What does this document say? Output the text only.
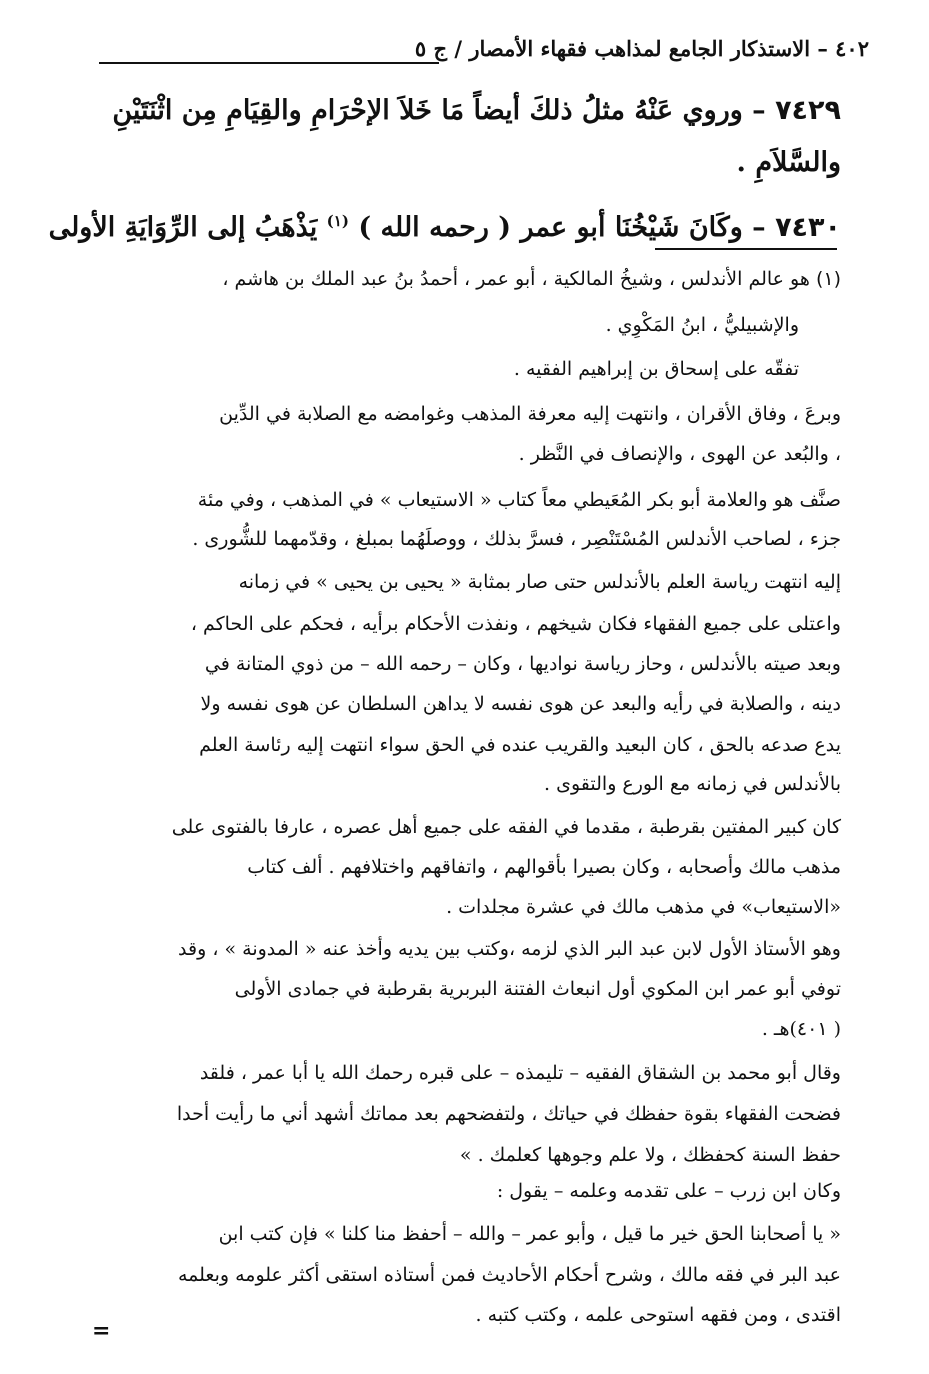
٤٠٢ – الاستذكار الجامع لمذاهب فقهاء الأمصار / ج ٥
٧٤٢٩ – وروي عَنْهُ مثلُ ذلكَ أيضاً مَا خَلاَ الإحْرَامِ والقِيَامِ مِن اثْنَتَيْنِ
والسَّلاَمِ .
٧٤٣٠ – وكَانَ شَيْخُنَا أبو عمر ( رحمه الله ) $^{(١)}$ يَذْهَبُ إلى الرِّوَايَةِ الأولى
(١) هو عالم الأندلس ، وشيخُ المالكية ، أبو عمر ، أحمدُ بنُ عبد الملك بن هاشم ،
والإشبيليُّ ، ابنُ المَكْوِي .
تفقّه على إسحاق بن إبراهيم الفقيه .
وبرعَ ، وفاق الأقران ، وانتهت إليه معرفة المذهب وغوامضه مع الصلابة في الدِّين
، والبُعد عن الهوى ، والإنصاف في النَّظر .
صنَّف هو والعلامة أبو بكر المُعَيطي معاً كتاب « الاستيعاب » في المذهب ، وفي مئة
جزء ، لصاحب الأندلس المُسْتَنْصِر ، فسرَّ بذلك ، ووصلَهُما بمبلغ ، وقدّمهما للشُّورى .
إليه انتهت رياسة العلم بالأندلس حتى صار بمثابة « يحيى بن يحيى » في زمانه
واعتلى على جميع الفقهاء فكان شيخهم ، ونفذت الأحكام برأيه ، فحكم على الحاكم ،
وبعد صيته بالأندلس ، وحاز رياسة نواديها ، وكان – رحمه الله – من ذوي المتانة في
دينه ، والصلابة في رأيه والبعد عن هوى نفسه لا يداهن السلطان عن هوى نفسه ولا
يدع صدعه بالحق ، كان البعيد والقريب عنده في الحق سواء انتهت إليه رئاسة العلم
بالأندلس في زمانه مع الورع والتقوى .
كان كبير المفتين بقرطبة ، مقدما في الفقه على جميع أهل عصره ، عارفا بالفتوى على
مذهب مالك وأصحابه ، وكان بصيرا بأقوالهم ، واتفاقهم واختلافهم . ألف كتاب
«الاستيعاب» في مذهب مالك في عشرة مجلدات .
وهو الأستاذ الأول لابن عبد البر الذي لزمه ،وكتب بين يديه وأخذ عنه « المدونة » ، وقد
توفي أبو عمر ابن المكوي أول انبعاث الفتنة البربرية بقرطبة في جمادى الأولى
( ٤٠١)هـ .
وقال أبو محمد بن الشقاق الفقيه – تليمذه – على قبره رحمك الله يا أبا عمر ، فلقد
فضحت الفقهاء بقوة حفظك في حياتك ، ولتفضحهم بعد مماتك أشهد أني ما رأيت أحدا
حفظ السنة كحفظك ، ولا علم وجوهها كعلمك . »
وكان ابن زرب – على تقدمه وعلمه – يقول :
« يا أصحابنا الحق خير ما قيل ، وأبو عمر – والله – أحفظ منا كلنا » فإن كتب ابن
عبد البر في فقه مالك ، وشرح أحكام الأحاديث فمن أستاذه استقى أكثر علومه وبعلمه
اقتدى ، ومن فقهه استوحى علمه ، وكتب كتبه .
=
